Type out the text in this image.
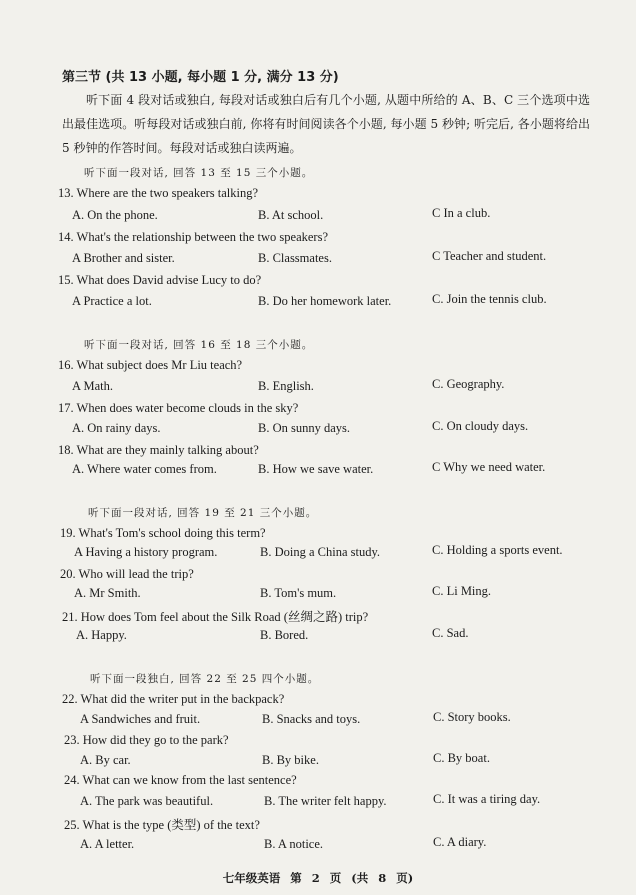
第三节 (共 13 小题, 每小题 1 分, 满分 13 分)
听下面 4 段对话或独白, 每段对话或独白后有几个小题, 从题中所给的 A、B、C 三个选项中选出最佳选项。听每段对话或独白前, 你将有时间阅读各个小题, 每小题 5 秒钟; 听完后, 各小题将给出 5 秒钟的作答时间。每段对话或独白读两遍。
听下面一段对话, 回答 13 至 15 三个小题。
13. Where are the two speakers talking?
A. On the phone.	B. At school.	C In a club.
14. What's the relationship between the two speakers?
A Brother and sister.	B. Classmates.	C Teacher and student.
15. What does David advise Lucy to do?
A Practice a lot.	B. Do her homework later.	C. Join the tennis club.
听下面一段对话, 回答 16 至 18 三个小题。
16. What subject does Mr Liu teach?
A Math.	B. English.	C. Geography.
17. When does water become clouds in the sky?
A. On rainy days.	B. On sunny days.	C. On cloudy days.
18. What are they mainly talking about?
A. Where water comes from.	B. How we save water.	C Why we need water.
听下面一段对话, 回答 19 至 21 三个小题。
19. What's Tom's school doing this term?
A Having a history program.	B. Doing a China study.	C. Holding a sports event.
20. Who will lead the trip?
A. Mr Smith.	B. Tom's mum.	C. Li Ming.
21. How does Tom feel about the Silk Road (丝绸之路) trip?
A. Happy.	B. Bored.	C. Sad.
听下面一段独白, 回答 22 至 25 四个小题。
22. What did the writer put in the backpack?
A Sandwiches and fruit.	B. Snacks and toys.	C. Story books.
23. How did they go to the park?
A. By car.	B. By bike.	C. By boat.
24. What can we know from the last sentence?
A. The park was beautiful.	B. The writer felt happy.	C. It was a tiring day.
25. What is the type (类型) of the text?
A. A letter.	B. A notice.	C. A diary.
七年级英语 第 2 页 (共 8 页)
